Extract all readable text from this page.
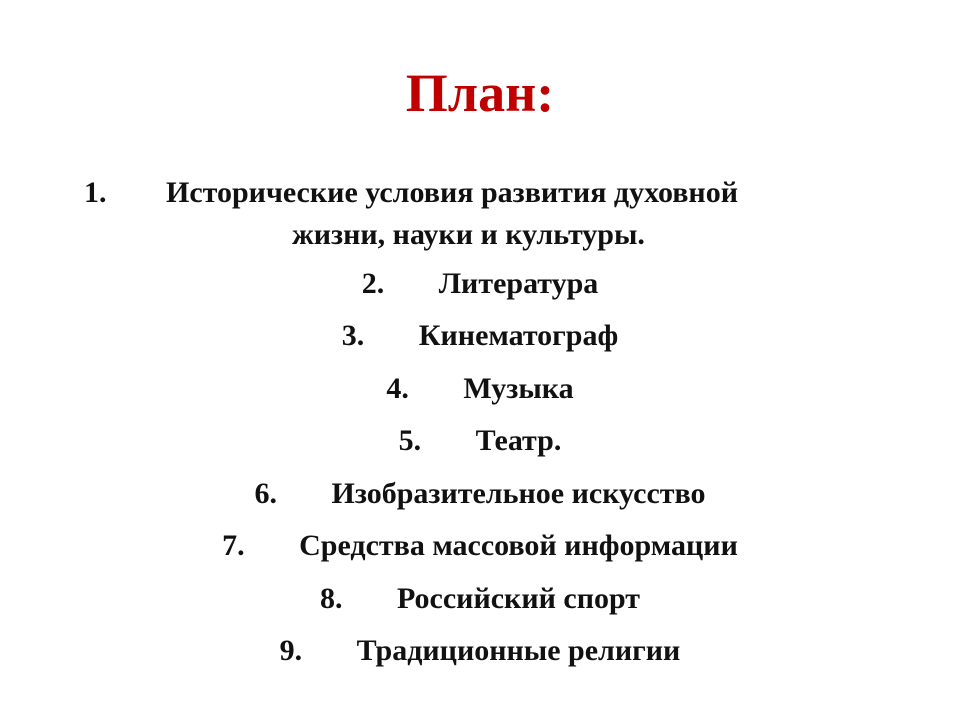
План:
1. Исторические условия развития духовной
жизни, науки и культуры.
2. Литература
3. Кинематограф
4. Музыка
5. Театр.
6. Изобразительное искусство
7. Средства массовой информации
8. Российский спорт
9. Традиционные религии
